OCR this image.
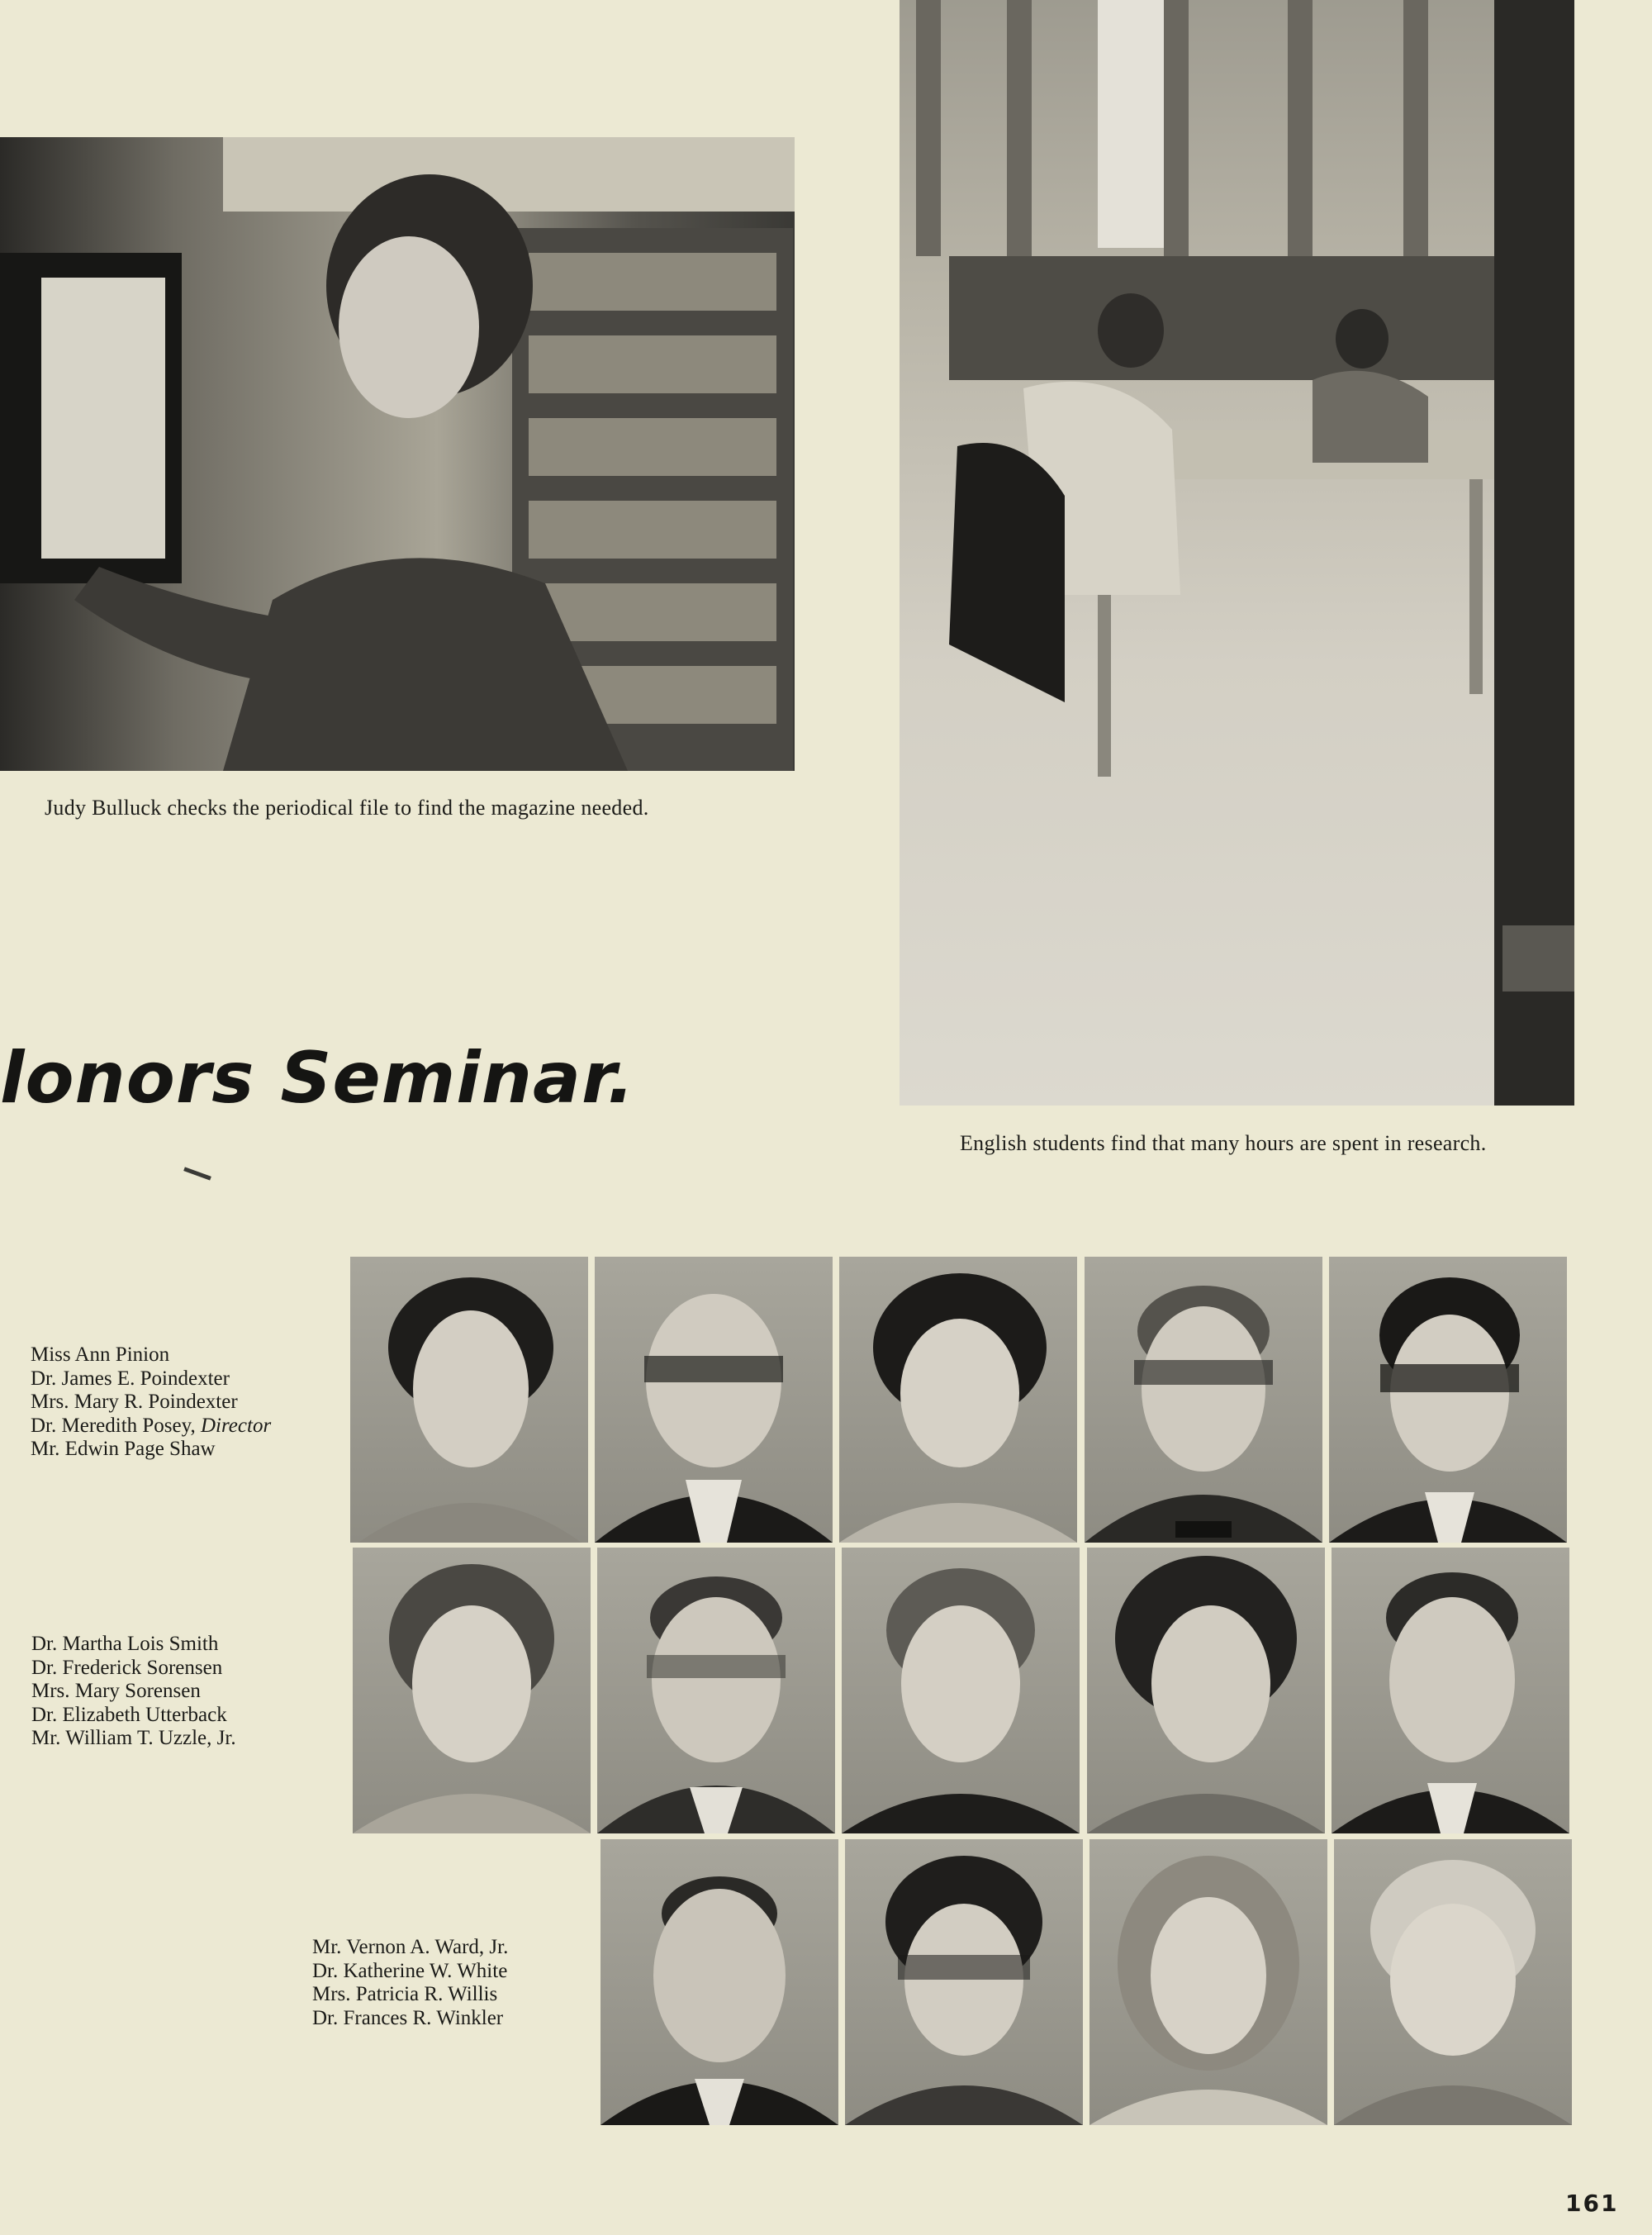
Judy Bulluck checks the periodical file to find the magazine needed.
English students find that many hours are spent in research.
lonors Seminar.
Miss Ann Pinion
Dr. James E. Poindexter
Mrs. Mary R. Poindexter
Dr. Meredith Posey, Director
Mr. Edwin Page Shaw
Dr. Martha Lois Smith
Dr. Frederick Sorensen
Mrs. Mary Sorensen
Dr. Elizabeth Utterback
Mr. William T. Uzzle, Jr.
Mr. Vernon A. Ward, Jr.
Dr. Katherine W. White
Mrs. Patricia R. Willis
Dr. Frances R. Winkler
161
